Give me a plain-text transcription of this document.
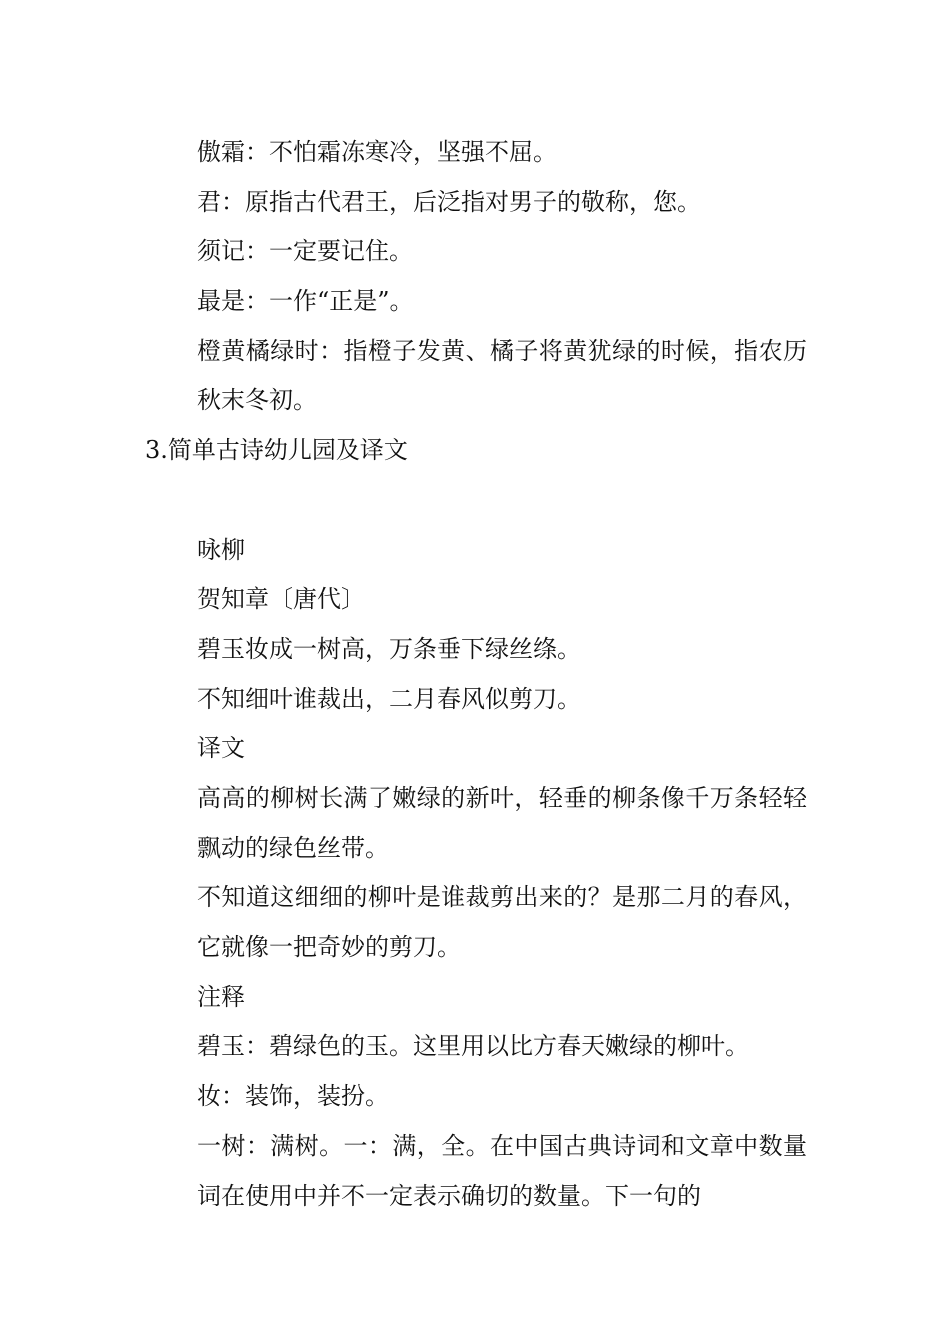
傲霜：不怕霜冻寒冷，坚强不屈。

君：原指古代君王，后泛指对男子的敬称，您。

须记：一定要记住。

最是：一作“正是”。

橙黄橘绿时：指橙子发黄、橘子将黄犹绿的时候，指农历秋末冬初。

3.简单古诗幼儿园及译文

咏柳

贺知章〔唐代〕

碧玉妆成一树高，万条垂下绿丝绦。

不知细叶谁裁出，二月春风似剪刀。

译文

高高的柳树长满了嫩绿的新叶，轻垂的柳条像千万条轻轻飘动的绿色丝带。

不知道这细细的柳叶是谁裁剪出来的？是那二月的春风，它就像一把奇妙的剪刀。

注释

碧玉：碧绿色的玉。这里用以比方春天嫩绿的柳叶。

妆：装饰，装扮。

一树：满树。一：满，全。在中国古典诗词和文章中数量词在使用中并不一定表示确切的数量。下一句的
